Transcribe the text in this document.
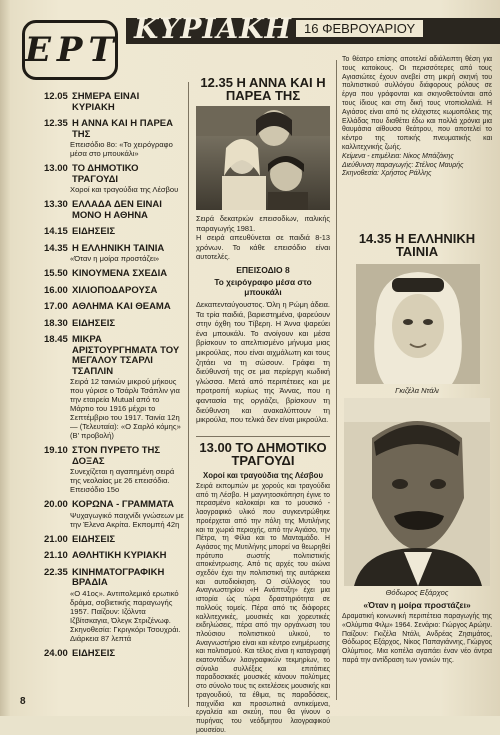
ΕΡΤ
ΚΥΡΙΑΚΗ 16 ΦΕΒΡΟΥΑΡΙΟΥ
12.05 ΣΗΜΕΡΑ ΕΙΝΑΙ ΚΥΡΙΑΚΗ
12.35 Η ΑΝΝΑ ΚΑΙ Η ΠΑΡΕΑ ΤΗΣ
Επεισόδιο 8ο: «Το χειρόγραφο μέσα στο μπουκάλι»
13.00 ΤΟ ΔΗΜΟΤΙΚΟ ΤΡΑΓΟΥΔΙ
Χοροί και τραγούδια της Λέσβου
13.30 ΕΛΛΑΔΑ ΔΕΝ ΕΙΝΑΙ ΜΟΝΟ Η ΑΘΗΝΑ
14.15 ΕΙΔΗΣΕΙΣ
14.35 Η ΕΛΛΗΝΙΚΗ ΤΑΙΝΙΑ
«Όταν η μοίρα προστάζει»
15.50 ΚΙΝΟΥΜΕΝΑ ΣΧΕΔΙΑ
16.00 ΧΙΛΙΟΠΟΔΑΡΟΥΣΑ
17.00 ΑΘΛΗΜΑ ΚΑΙ ΘΕΑΜΑ
18.30 ΕΙΔΗΣΕΙΣ
18.45 ΜΙΚΡΑ ΑΡΙΣΤΟΥΡΓΗΜΑΤΑ ΤΟΥ ΜΕΓΑΛΟΥ ΤΣΑΡΛΙ ΤΣΑΠΛΙΝ
Σειρά 12 ταινιών μικρού μήκους που γύρισε ο Τσάρλι Τσάπλιν για την εταιρεία Mutual από το Μάρτιο του 1916 μέχρι το Σεπτέμβριο του 1917. Ταινία 12η — (Τελευταία): «Ο Σαρλό κόμης» (Β' προβολή)
19.10 ΣΤΟΝ ΠΥΡΕΤΟ ΤΗΣ ΔΟΞΑΣ
Συνεχίζεται η αγαπημένη σειρά της νεολαίας με 26 επεισόδια. Επεισόδιο 15ο
20.00 ΚΟΡΩΝΑ - ΓΡΑΜΜΑΤΑ
Ψυχαγωγικό παιχνίδι γνώσεων με την Έλενα Ακρίτα. Εκπομπή 42η
21.00 ΕΙΔΗΣΕΙΣ
21.10 ΑΘΛΗΤΙΚΗ ΚΥΡΙΑΚΗ
22.35 ΚΙΝΗΜΑΤΟΓΡΑΦΙΚΗ ΒΡΑΔΙΑ
«Ο 41ος». Αντιπολεμικό ερωτικό δράμα, σοβιετικής παραγωγής 1957. Παίζουν: Ιζόλντα Ιζβίτσκαγια, Όλεγκ Στριζένωφ. Σκηνοθεσία: Γκριγκόρι Τσουχράι. Διάρκεια 87 λεπτά
24.00 ΕΙΔΗΣΕΙΣ
12.35 Η ΑΝΝΑ ΚΑΙ Η ΠΑΡΕΑ ΤΗΣ
Σειρά δεκατριών επεισοδίων, ιταλικής παραγωγής 1981.
Η σειρά απευθύνεται σε παιδιά 8-13 χρόνων. Το κάθε επεισόδιο είναι αυτοτελές.
ΕΠΕΙΣΟΔΙΟ 8
Το χειρόγραφο μέσα στο μπουκάλι
Δεκαπενταύγουστος. Όλη η Ρώμη άδεια. Τα τρία παιδιά, βαριεστημένα, ψαρεύουν στην όχθη του Τίβερη. Η Άννα ψαρεύει ένα μπουκάλι. Το ανοίγουν και μέσα βρίσκουν το απελπισμένο μήνυμα μιας μικρούλας, που είναι αιχμάλωτη και τους ζητάει να τη σώσουν. Γράφει τη διεύθυνσή της σε μια περίεργη κωδική γλώσσα. Μετά από περιπέτειες και με προτροπή κυρίως της Άννας, που η φαντασία της οργιάζει, βρίσκουν τη διεύθυνση και ανακαλύπτουν τη μικρούλα, που τελικά δεν είναι μικρούλα.
13.00 ΤΟ ΔΗΜΟΤΙΚΟ ΤΡΑΓΟΥΔΙ
Χοροί και τραγούδια της Λέσβου
Σειρά εκπομπών με χορούς και τραγούδια από τη Λέσβο. Η μαγνητοσκόπηση έγινε το περασμένο καλοκαίρι και το μουσικό - λαογραφικό υλικό που συγκεντρώθηκε προέρχεται από την πόλη της Μυτιλήνης και τα χωριά περιοχής, από την Αγιάσο, την Πέτρα, τη Φίλια και το Μανταμάδο. Η Αγιάσος της Μυτιλήνης μπορεί να θεωρηθεί πρότυπο σωστής πολιτιστικής αποκέντρωσης. Από τις αρχές του αιώνα σχεδόν έχει την πολιτιστική της αυτάρκεια και αυτοδιοίκηση. Ο σύλλογος του Αναγνωστηρίου «Η Ανάπτυξη» έχει μια ιστορία ώς τώρα δραστηριότητα σε πολλούς τομείς. Πέρα από τις διάφορες καλλιτεχνικές, μουσικές και χορευτικές εκδηλώσεις, πέρα από την οργάνωση του πλούσιου πολιτιστικού υλικού, το Αναγνωστήριο είναι και κέντρο ενημέρωσης και πολιτισμού. Και τέλος είναι η καταγραφή εκατοντάδων λαογραφικών τεκμηρίων, το σύνολο συλλέξεις και επιτόπιες παραδοσιακές μουσικές κάνουν πολύτιμες στο σύνολο τους τις εκτελέσεις μουσικής και τραγουδιού, τα έθιμα, τις παραδόσεις, παιχνίδια και προσωπικά αντικείμενα, εργαλεία και σκεύη, που θα γίνουν ο πυρήνας του νεόδμητου λαογραφικού μουσείου.
Το θέατρο επίσης αποτελεί αδιάλειπτη θέση για τους κατοίκους. Οι περισσότερες από τους Αγιασιώτες έχουν ανεβεί στη μικρή σκηνή του πολιτιστικού συλλόγου διάφορους ρόλους σε έργα που γράφονται και σκηνοθετούνται από τους ίδιους και στη δική τους ντοπιολαλιά. Η Αγιάσος είναι από τις ελάχιστες κωμοπόλεις της Ελλάδας που διαθέτει έδω και πολλά χρόνια μια θαυμάσια αίθουσα θεάτρου, που αποτελεί το κέντρο της τοπικής πνευματικής και καλλιτεχνικής ζωής.
Κείμενα - επιμέλεια: Νίκος Μπάζάκης
Διεύθυνση παραγωγής: Στέλιος Μαυρής
Σκηνοθεσία: Χρήστος Ράλλης
14.35 Η ΕΛΛΗΝΙΚΗ ΤΑΙΝΙΑ
Γκιζέλα Ντάλι
Θόδωρος Εξάρχος
«Όταν η μοίρα προστάζει»
Δραματική κοινωνική περιπέτεια παραγωγής της «Ολύμπια Φιλμ» 1964. Σενάριο: Γιώργος Αρώην. Παίζουν: Γκιζέλα Ντάλι, Ανδρέας Ζησιμάτος, Θόδωρος Εξάρχος, Νίκος Παπαγιάννης, Γιώργος Ολύμπιος. Μια κοπέλα αγαπάει έναν νέο άντρα παρά την αντίδραση των γονιών της.
8
